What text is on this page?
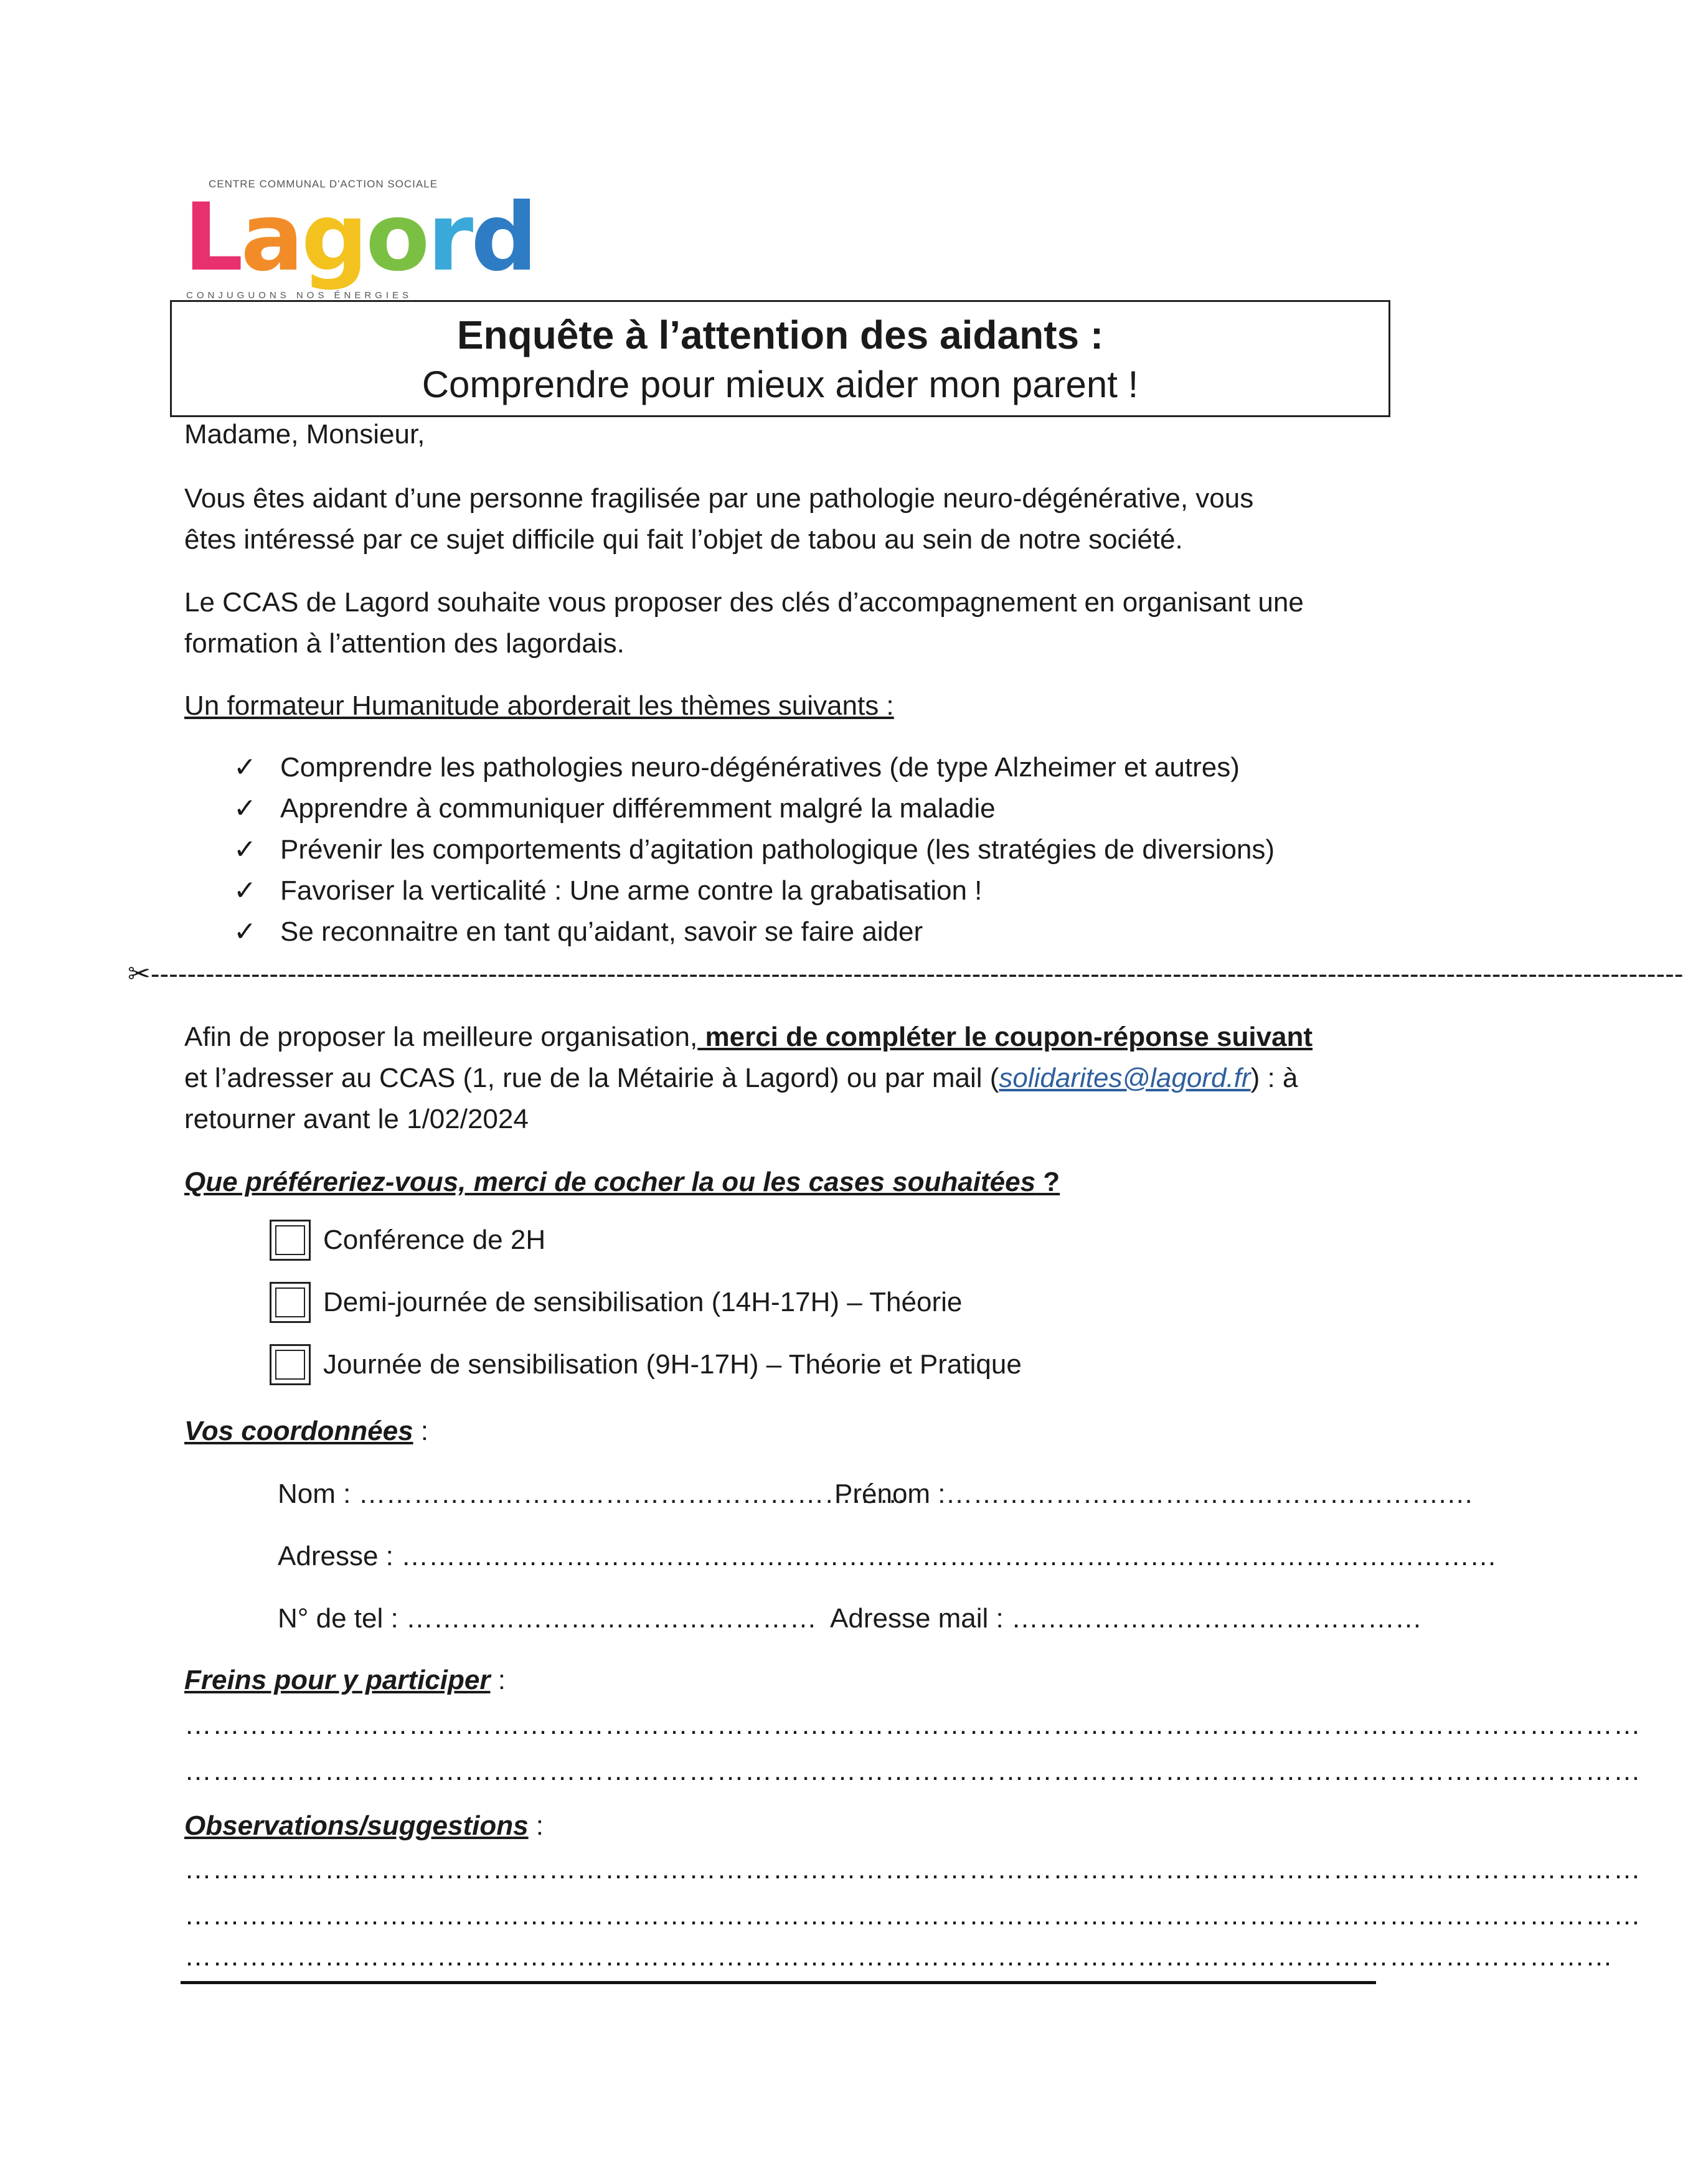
CENTRE COMMUNAL D'ACTION SOCIALE
Lagord
CONJUGUONS NOS ÉNERGIES
Enquête à l’attention des aidants :
Comprendre pour mieux aider mon parent !
Madame, Monsieur,
Vous êtes aidant d’une personne fragilisée par une pathologie neuro-dégénérative, vous
êtes intéressé par ce sujet difficile qui fait l’objet de tabou au sein de notre société.
Le CCAS de Lagord souhaite vous proposer des clés d’accompagnement en organisant une
formation à l’attention des lagordais.
Un formateur Humanitude aborderait les thèmes suivants :
✓ Comprendre les pathologies neuro-dégénératives (de type Alzheimer et autres)
✓ Apprendre à communiquer différemment malgré la maladie
✓ Prévenir les comportements d’agitation pathologique (les stratégies de diversions)
✓ Favoriser la verticalité : Une arme contre la grabatisation !
✓ Se reconnaitre en tant qu’aidant, savoir se faire aider
✂------------------------------------------------------------------------------------------------------------------------------------------------------------------------
Afin de proposer la meilleure organisation, merci de compléter le coupon-réponse suivant
et l’adresser au CCAS (1, rue de la Métairie à Lagord) ou par mail (solidarites@lagord.fr) : à
retourner avant le 1/02/2024
Que préféreriez-vous, merci de cocher la ou les cases souhaitées ?
Conférence de 2H
Demi-journée de sensibilisation (14H-17H) – Théorie
Journée de sensibilisation (9H-17H) – Théorie et Pratique
Vos coordonnées :
Nom : ……………………………………………………
Prénom :……………………………………………….…
Adresse : …………………………………………………………………………………………………………
N° de tel : ……………………………………… Adresse mail : ………………………………………
Freins pour y participer :
…………………………………………………………………………………………………………………………………………
…………………………………………………………………………………………………………………………………………
Observations/suggestions :
…………………………………………………………………………………………………………………………………………
…………………………………………………………………………………………………………………………………………
………………………………………………………………………………………………………………………………………
